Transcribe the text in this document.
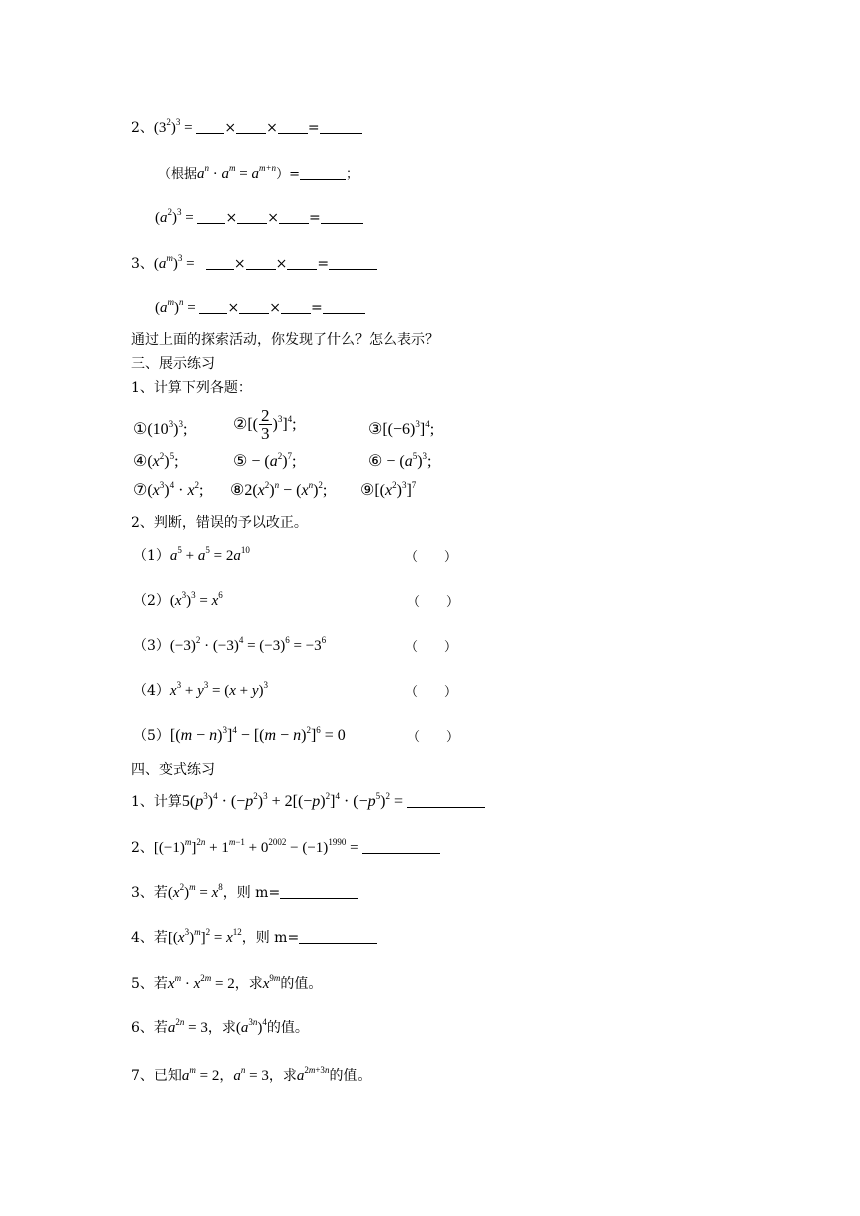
2、$(3^2)^3$ = × × =
（根据$a^n \cdot a^m = a^{m+n})=$	；
$(a^2)^3$ = × × =
3、$(a^m)^3$ =   × × =
$(a^m)^n$ = × × =
通过上面的探索活动，你发现了什么？怎么表示？
三、展示练习
1、计算下列各题：
$①(10^3)^3$;	②[( $\frac{2}{3} )^3]^4$;	$③[(-6)^3]^4$;
$④(x^2)^5$;	⑤ − $(a^2)^7$;	⑥ − $(a^5)^3$;
$⑦(x^3)^4 \cdot x^2$; $⑧2(x^2)^n - (x^n)^2$; $⑨[(x^2)^3]^7$
2、判断，错误的予以改正。
$(1)a^5 + a^5 = 2a^{10}$	（　　）
$(2)(x^3)^3 = x^6$	（　　）
$(3)(-3)^2 \cdot (-3)^4 = (-3)^6 = -3^6$	（　　）
$(4)x^3 + y^3 = (x + y)^3$	（　　）
$(5)[(m - n)^3]^4 - [(m - n)^2]^6 = 0$	（　　）
四、变式练习
1、计算$5(p^3)^4 \cdot (-p^2)^3 + 2[(-p)^2]^4 \cdot (-p^5)^2$ =
2、$[(-1)^m]^{2n} + 1^{m-1} + 0^{2002} - (-1)^{1990}$ =
3、若$(x^2)^m = x^8$，则 m=
4、若$[(x^3)^m]^2 = x^{12}$，则 m=
5、若$x^m \cdot x^{2m} = 2$，求$x^{9m}$的值。
6、若$a^{2n} = 3$，求$(a^{3n})^4$的值。
7、已知$a^m = 2$，$a^n = 3$，求$a^{2m+3n}$的值。
